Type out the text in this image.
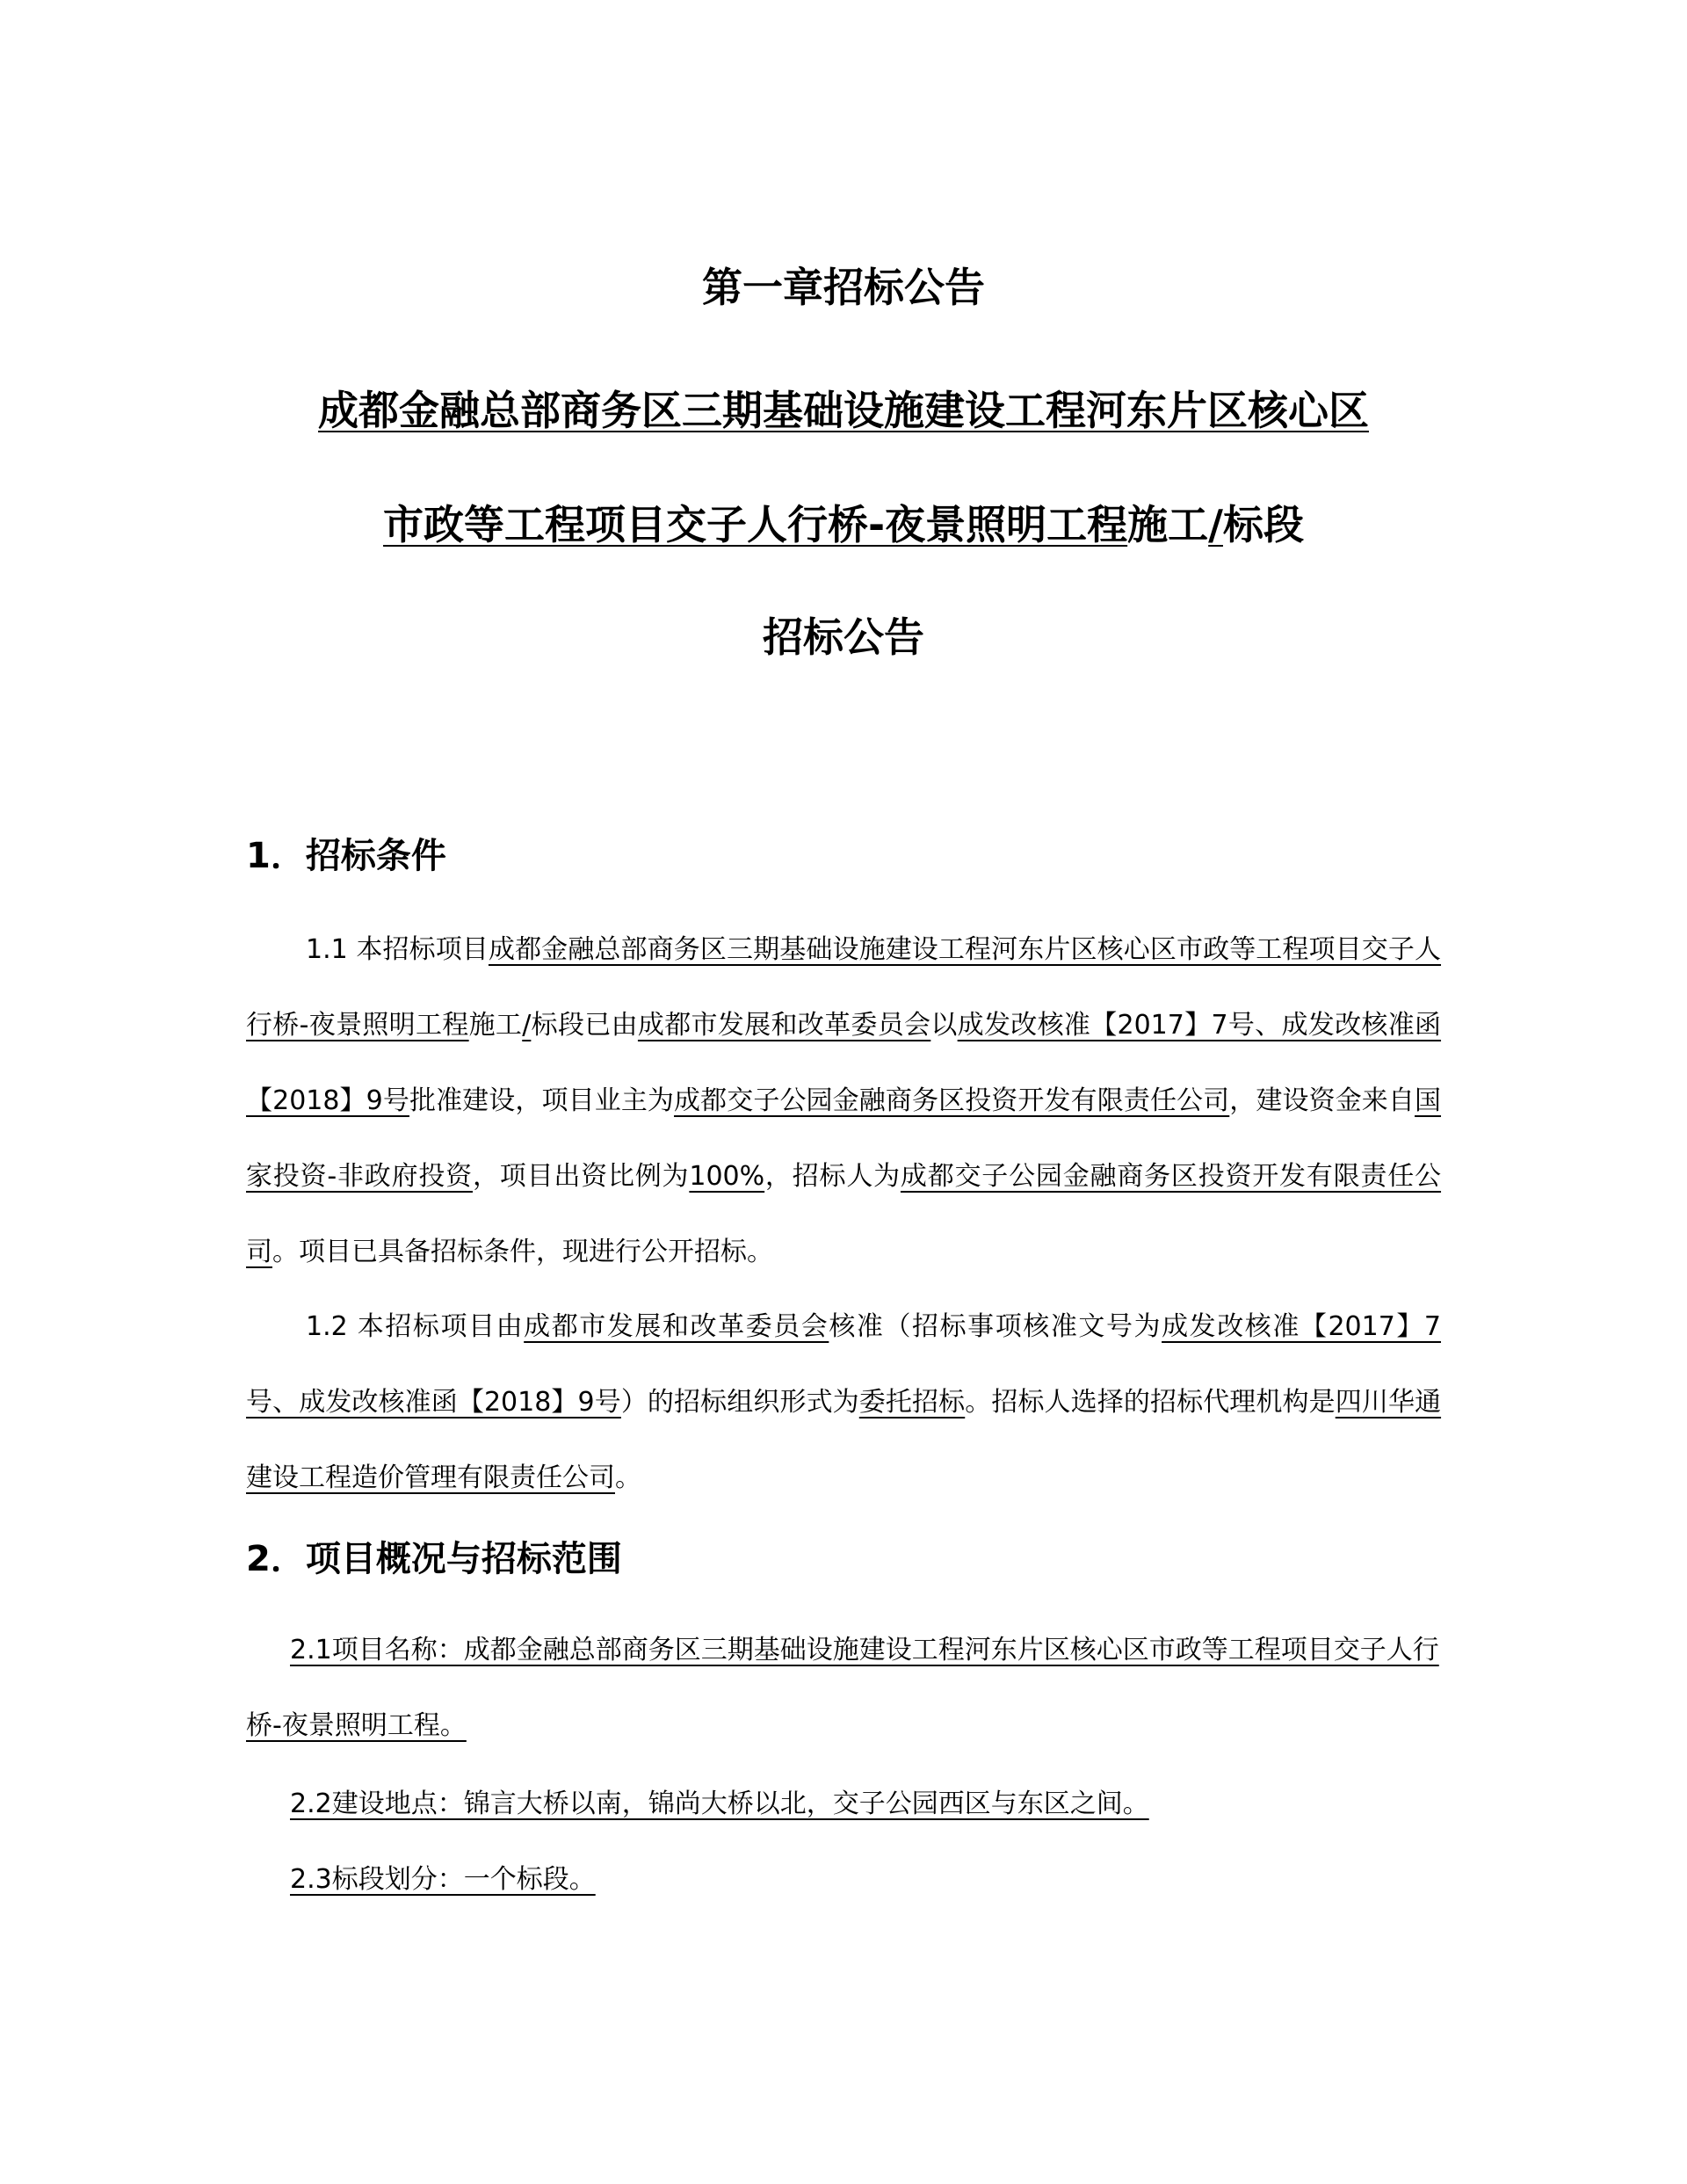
第一章招标公告
成都金融总部商务区三期基础设施建设工程河东片区核心区
市政等工程项目交子人行桥-夜景照明工程施工/标段
招标公告
1．招标条件
1.1 本招标项目成都金融总部商务区三期基础设施建设工程河东片区核心区市政等工程项目交子人行桥-夜景照明工程施工/标段已由成都市发展和改革委员会以成发改核准【2017】7号、成发改核准函【2018】9号批准建设，项目业主为成都交子公园金融商务区投资开发有限责任公司，建设资金来自国家投资-非政府投资，项目出资比例为100%，招标人为成都交子公园金融商务区投资开发有限责任公司。项目已具备招标条件，现进行公开招标。
1.2 本招标项目由成都市发展和改革委员会核准（招标事项核准文号为成发改核准【2017】7号、成发改核准函【2018】9号）的招标组织形式为委托招标。招标人选择的招标代理机构是四川华通建设工程造价管理有限责任公司。
2．项目概况与招标范围
2.1项目名称：成都金融总部商务区三期基础设施建设工程河东片区核心区市政等工程项目交子人行桥-夜景照明工程。
2.2建设地点：锦言大桥以南，锦尚大桥以北，交子公园西区与东区之间。
2.3标段划分：一个标段。
